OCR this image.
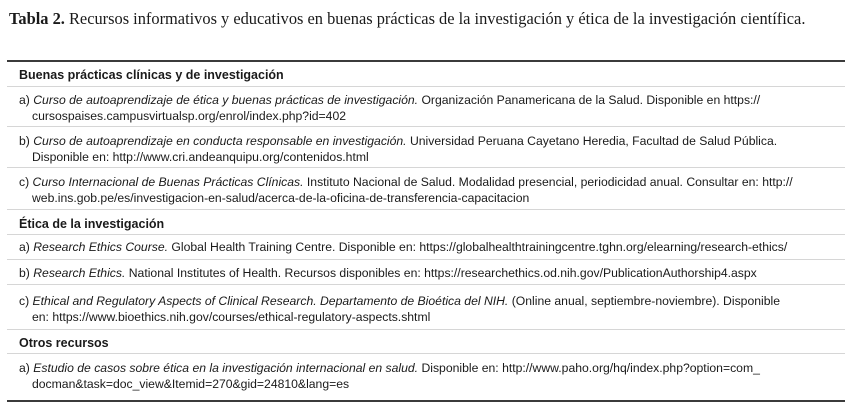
Tabla 2. Recursos informativos y educativos en buenas prácticas de la investigación y ética de la investigación científica.
Buenas prácticas clínicas y de investigación
a) Curso de autoaprendizaje de ética y buenas prácticas de investigación. Organización Panamericana de la Salud. Disponible en https://
cursospaises.campusvirtualsp.org/enrol/index.php?id=402
b) Curso de autoaprendizaje en conducta responsable en investigación. Universidad Peruana Cayetano Heredia, Facultad de Salud Pública.
Disponible en: http://www.cri.andeanquipu.org/contenidos.html
c) Curso Internacional de Buenas Prácticas Clínicas. Instituto Nacional de Salud. Modalidad presencial, periodicidad anual. Consultar en: http://
web.ins.gob.pe/es/investigacion-en-salud/acerca-de-la-oficina-de-transferencia-capacitacion
Ética de la investigación
a) Research Ethics Course. Global Health Training Centre. Disponible en: https://globalhealthtrainingcentre.tghn.org/elearning/research-ethics/
b) Research Ethics. National Institutes of Health. Recursos disponibles en: https://researchethics.od.nih.gov/PublicationAuthorship4.aspx
c) Ethical and Regulatory Aspects of Clinical Research. Departamento de Bioética del NIH. (Online anual, septiembre-noviembre). Disponible
en: https://www.bioethics.nih.gov/courses/ethical-regulatory-aspects.shtml
Otros recursos
a) Estudio de casos sobre ética en la investigación internacional en salud. Disponible en: http://www.paho.org/hq/index.php?option=com_
docman&task=doc_view&Itemid=270&gid=24810&lang=es
